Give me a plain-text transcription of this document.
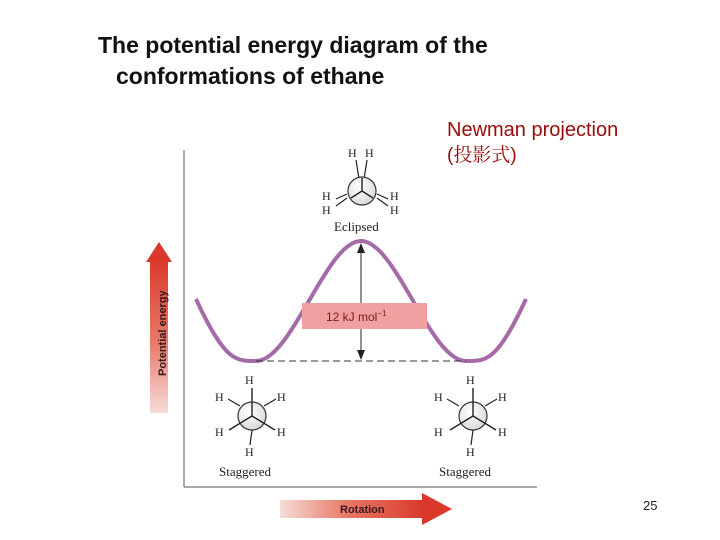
The potential energy diagram of the
conformations of ethane
Newman projection
(投影式)
Potential energy
Rotation
12 kJ mol$^{-1}$
H H
H
H
H
H
Eclipsed
H
H	H
H	H
H
Staggered
H
H	H
H	H
H
Staggered
25
